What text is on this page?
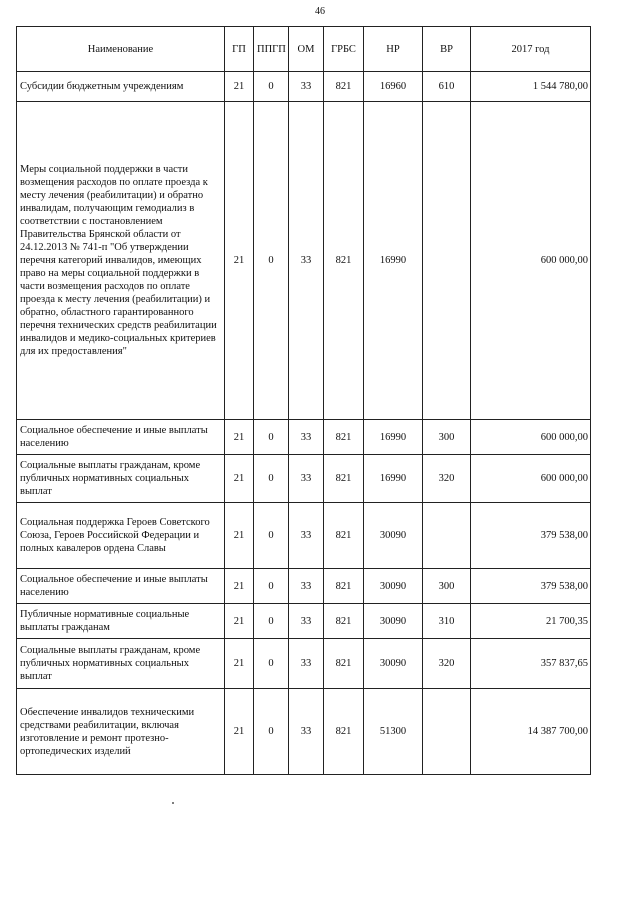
46
Наименование	ГП	ППГП	ОМ	ГРБС	НР	ВР	2017 год
Субсидии бюджетным учреждениям	21	0	33	821	16960	610	1 544 780,00
Меры социальной поддержки в части возмещения расходов по оплате проезда к месту лечения (реабилитации) и обратно инвалидам, получающим гемодиализ в соответствии с постановлением Правительства Брянской области от 24.12.2013 № 741-п "Об утверждении перечня категорий инвалидов, имеющих право на меры социальной поддержки в части возмещения расходов по оплате проезда к месту лечения (реабилитации) и обратно, областного гарантированного перечня технических средств реабилитации инвалидов и медико-социальных критериев для их предоставления"	21	0	33	821	16990		600 000,00
Социальное обеспечение и иные выплаты населению	21	0	33	821	16990	300	600 000,00
Социальные выплаты гражданам, кроме публичных нормативных социальных выплат	21	0	33	821	16990	320	600 000,00
Социальная поддержка Героев Советского Союза, Героев Российской Федерации и полных кавалеров ордена Славы	21	0	33	821	30090		379 538,00
Социальное обеспечение и иные выплаты населению	21	0	33	821	30090	300	379 538,00
Публичные нормативные социальные выплаты гражданам	21	0	33	821	30090	310	21 700,35
Социальные выплаты гражданам, кроме публичных нормативных социальных выплат	21	0	33	821	30090	320	357 837,65
Обеспечение инвалидов техническими средствами реабилитации, включая изготовление и ремонт протезно-ортопедических изделий	21	0	33	821	51300		14 387 700,00
